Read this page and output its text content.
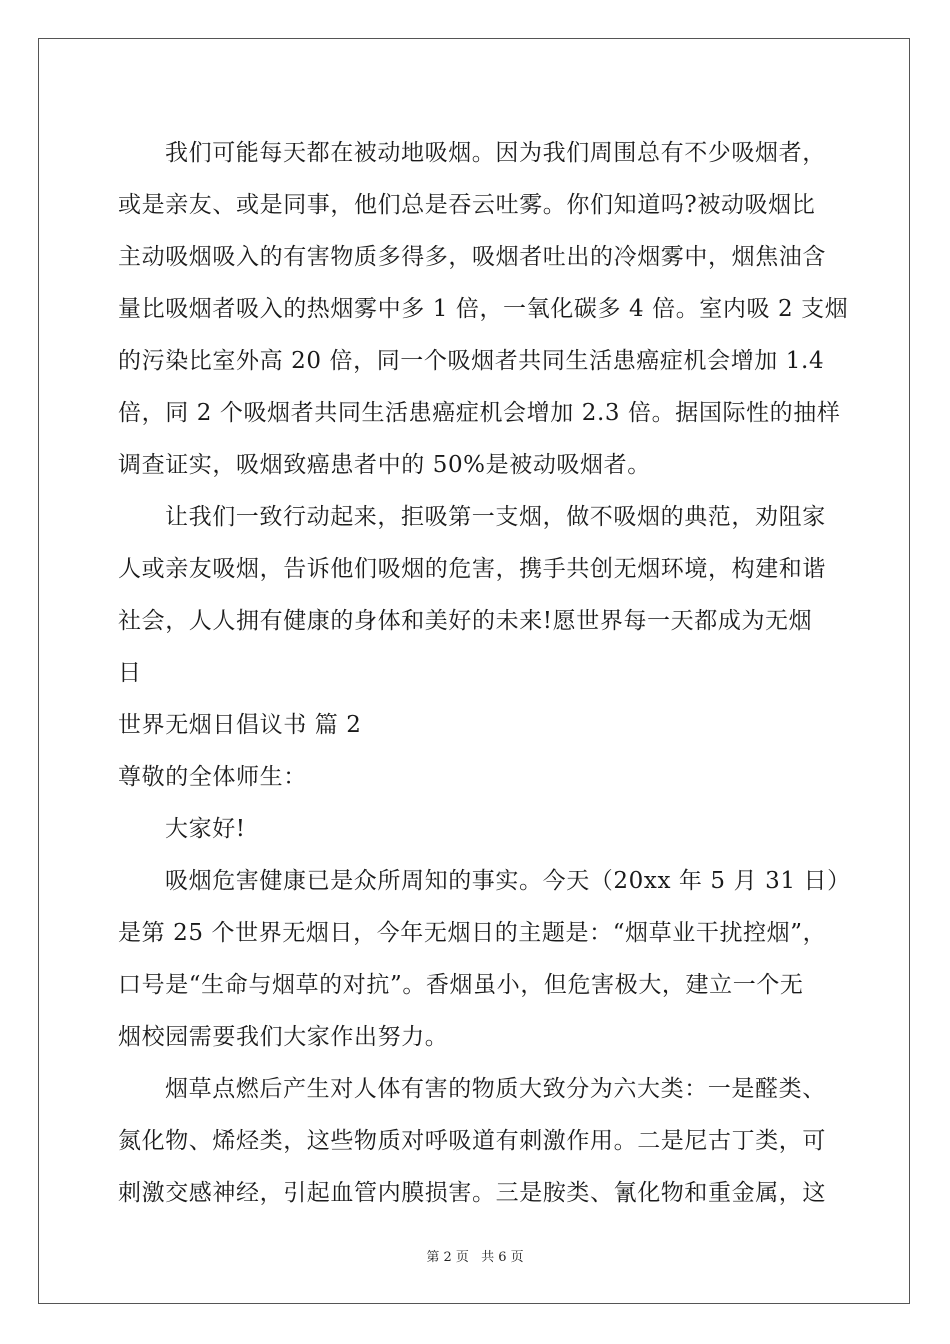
我们可能每天都在被动地吸烟。因为我们周围总有不少吸烟者，
或是亲友、或是同事，他们总是吞云吐雾。你们知道吗?被动吸烟比
主动吸烟吸入的有害物质多得多，吸烟者吐出的冷烟雾中，烟焦油含
量比吸烟者吸入的热烟雾中多 1 倍，一氧化碳多 4 倍。室内吸 2 支烟
的污染比室外高 20 倍，同一个吸烟者共同生活患癌症机会增加 1.4
倍，同 2 个吸烟者共同生活患癌症机会增加 2.3 倍。据国际性的抽样
调查证实，吸烟致癌患者中的 50%是被动吸烟者。
让我们一致行动起来，拒吸第一支烟，做不吸烟的典范，劝阻家
人或亲友吸烟，告诉他们吸烟的危害，携手共创无烟环境，构建和谐
社会，人人拥有健康的身体和美好的未来!愿世界每一天都成为无烟
日
世界无烟日倡议书 篇 2
尊敬的全体师生：
大家好!
吸烟危害健康已是众所周知的事实。今天（20xx 年 5 月 31 日）
是第 25 个世界无烟日，今年无烟日的主题是：“烟草业干扰控烟”，
口号是“生命与烟草的对抗”。香烟虽小，但危害极大，建立一个无
烟校园需要我们大家作出努力。
烟草点燃后产生对人体有害的物质大致分为六大类：一是醛类、
氮化物、烯烃类，这些物质对呼吸道有刺激作用。二是尼古丁类，可
刺激交感神经，引起血管内膜损害。三是胺类、氰化物和重金属，这
第 2 页 共 6 页
